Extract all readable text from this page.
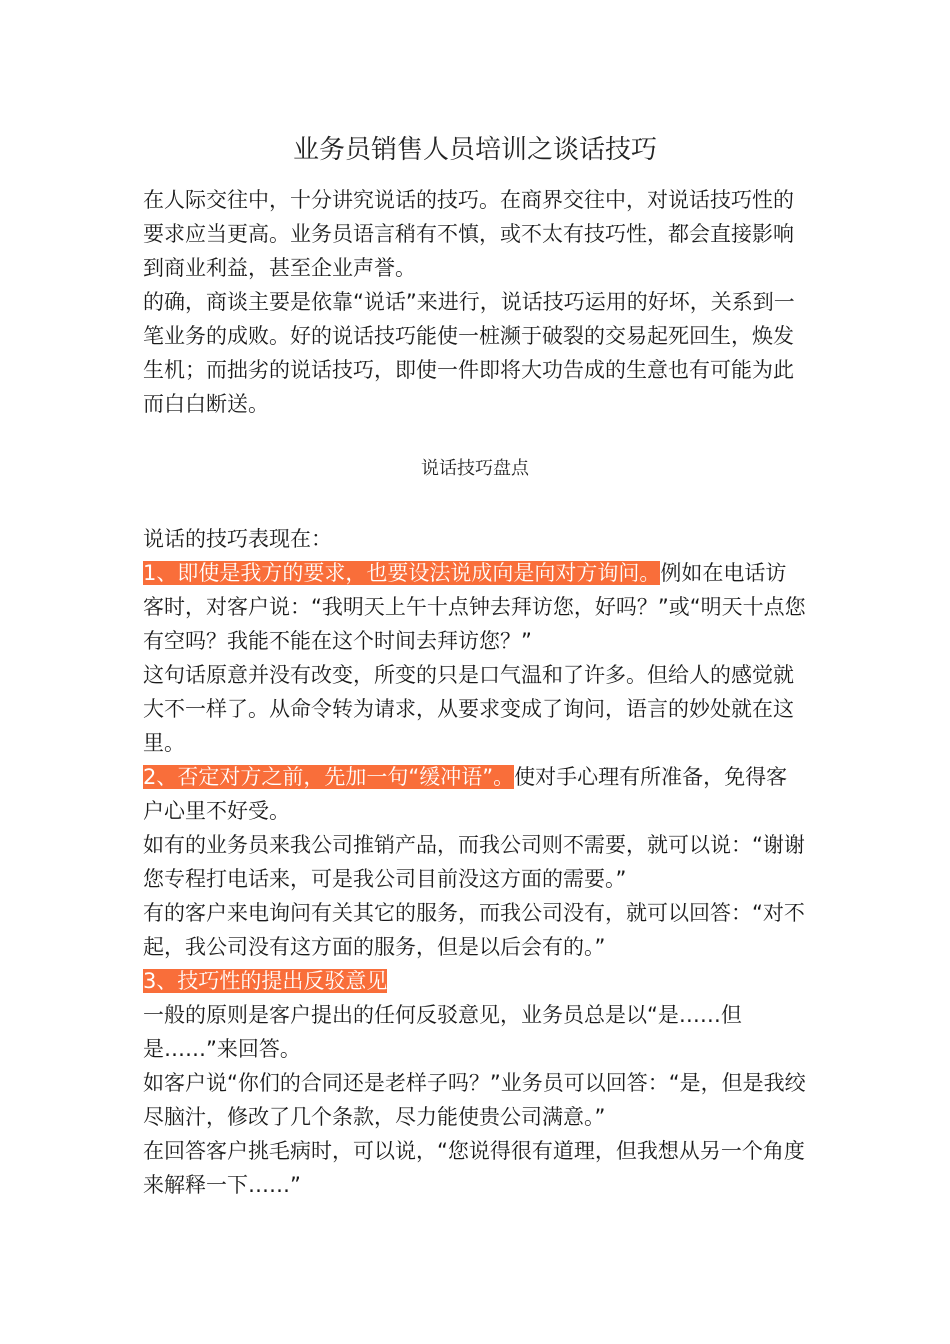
业务员销售人员培训之谈话技巧

在人际交往中，十分讲究说话的技巧。在商界交往中，对说话技巧性的要求应当更高。业务员语言稍有不慎，或不太有技巧性，都会直接影响到商业利益，甚至企业声誉。

的确，商谈主要是依靠“说话”来进行，说话技巧运用的好坏，关系到一笔业务的成败。好的说话技巧能使一桩濒于破裂的交易起死回生，焕发生机；而拙劣的说话技巧，即使一件即将大功告成的生意也有可能为此而白白断送。

说话技巧盘点

说话的技巧表现在：

1、即使是我方的要求，也要设法说成向是向对方询问。例如在电话访客时，对客户说：“我明天上午十点钟去拜访您，好吗？”或“明天十点您有空吗？我能不能在这个时间去拜访您？”

这句话原意并没有改变，所变的只是口气温和了许多。但给人的感觉就大不一样了。从命令转为请求，从要求变成了询问，语言的妙处就在这里。

2、否定对方之前，先加一句“缓冲语”。使对手心理有所准备，免得客户心里不好受。

如有的业务员来我公司推销产品，而我公司则不需要，就可以说：“谢谢您专程打电话来，可是我公司目前没这方面的需要。”

有的客户来电询问有关其它的服务，而我公司没有，就可以回答：“对不起，我公司没有这方面的服务，但是以后会有的。”

3、技巧性的提出反驳意见

一般的原则是客户提出的任何反驳意见，业务员总是以“是……但是……”来回答。

如客户说“你们的合同还是老样子吗？”业务员可以回答：“是，但是我绞尽脑汁，修改了几个条款，尽力能使贵公司满意。”

在回答客户挑毛病时，可以说，“您说得很有道理，但我想从另一个角度来解释一下……”
